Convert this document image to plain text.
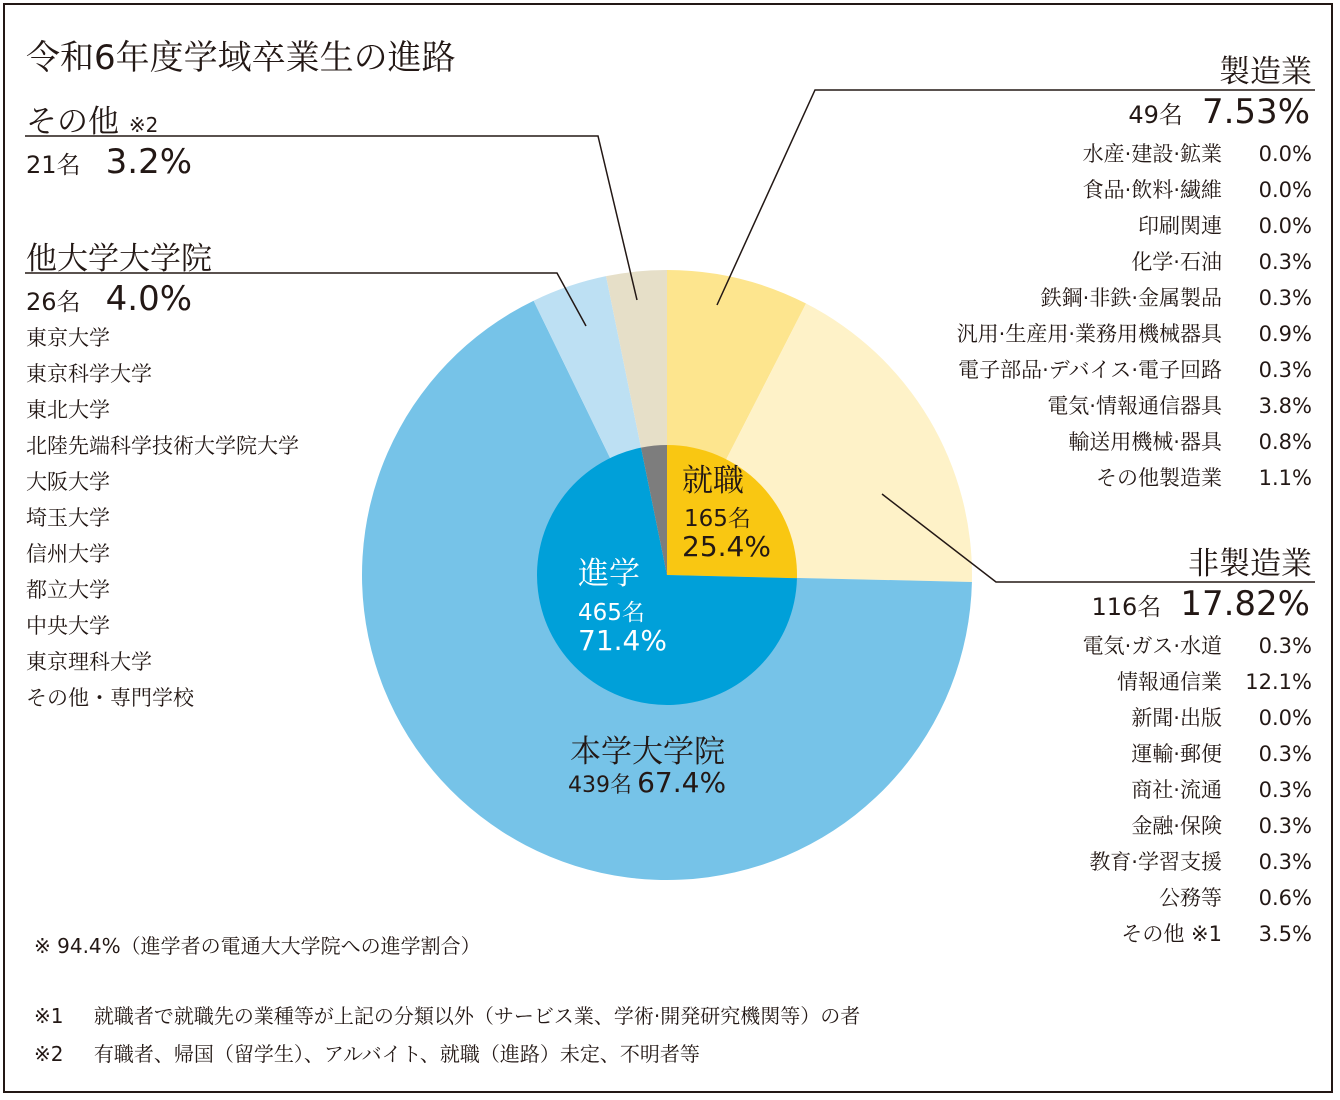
令和6年度学域卒業生の進路
その他 ※2
21名 3.2%
他大学大学院
26名 4.0%
東京大学
東京科学大学
東北大学
北陸先端科学技術大学院大学
大阪大学
埼玉大学
信州大学
都立大学
中央大学
東京理科大学
その他・専門学校
製造業
49名 7.53%
水産·建設·鉱業	0.0%
食品·飲料·繊維	0.0%
印刷関連	0.0%
化学·石油	0.3%
鉄鋼·非鉄·金属製品	0.3%
汎用·生産用·業務用機械器具	0.9%
電子部品·デバイス·電子回路	0.3%
電気·情報通信器具	3.8%
輸送用機械·器具	0.8%
その他製造業	1.1%
非製造業
116名 17.82%
電気·ガス·水道	0.3%
情報通信業	12.1%
新聞·出版	0.0%
運輸·郵便	0.3%
商社·流通	0.3%
金融·保険	0.3%
教育·学習支援	0.3%
公務等	0.6%
その他 ※1	3.5%
就職
165名
25.4%
進学
465名
71.4%
本学大学院
439名 67.4%
※ 94.4%（進学者の電通大大学院への進学割合）
※1 就職者で就職先の業種等が上記の分類以外（サービス業、学術·開発研究機関等）の者
※2 有職者、帰国（留学生）、アルバイト、就職（進路）未定、不明者等
